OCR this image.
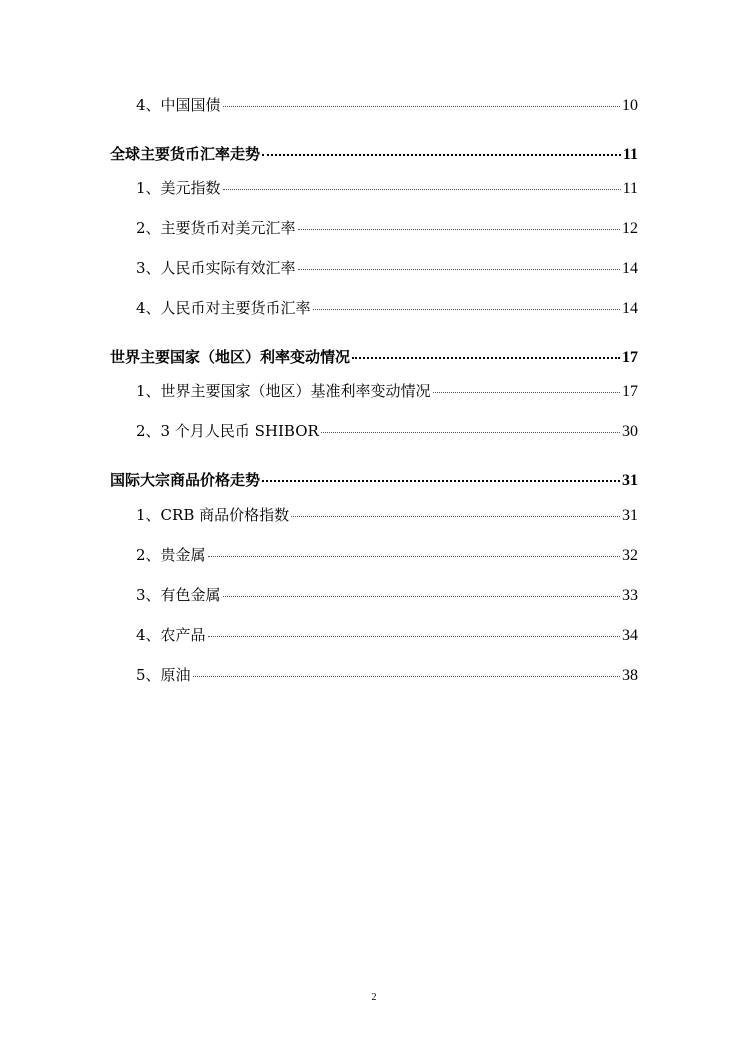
4、中国国债	10
全球主要货币汇率走势	11
1、美元指数	11
2、主要货币对美元汇率	12
3、人民币实际有效汇率	14
4、人民币对主要货币汇率	14
世界主要国家（地区）利率变动情况	17
1、世界主要国家（地区）基准利率变动情况	17
2、3 个月人民币 SHIBOR	30
国际大宗商品价格走势	31
1、CRB 商品价格指数	31
2、贵金属	32
3、有色金属	33
4、农产品	34
5、原油	38
2
